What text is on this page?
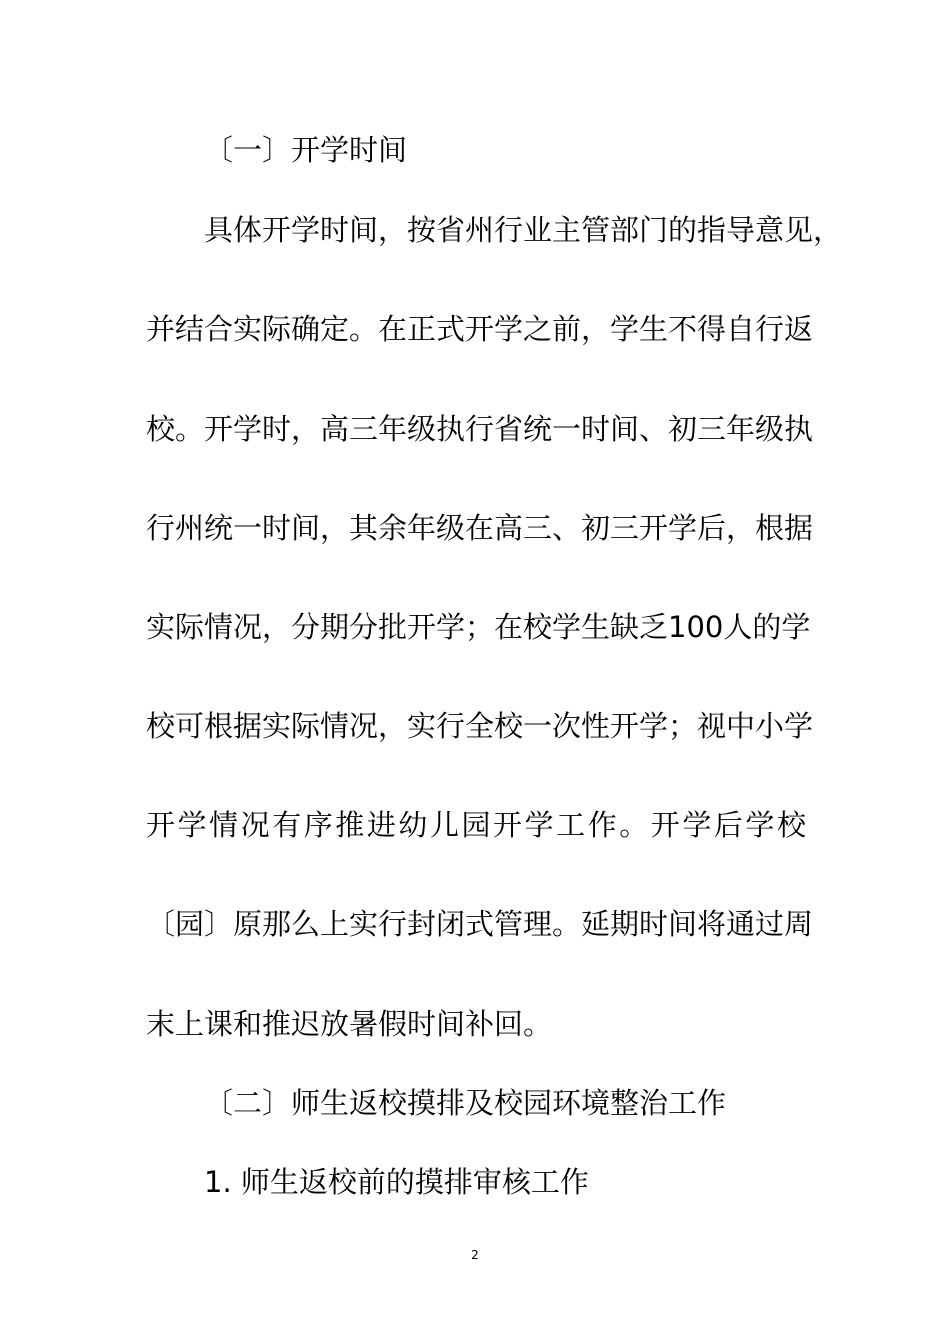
〔一〕开学时间
具体开学时间，按省州行业主管部门的指导意见，
并结合实际确定。在正式开学之前，学生不得自行返
校。开学时，高三年级执行省统一时间、初三年级执
行州统一时间，其余年级在高三、初三开学后，根据
实际情况，分期分批开学；在校学生缺乏100人的学
校可根据实际情况，实行全校一次性开学；视中小学
开学情况有序推进幼儿园开学工作。开学后学校
〔园〕原那么上实行封闭式管理。延期时间将通过周
末上课和推迟放暑假时间补回。
〔二〕师生返校摸排及校园环境整治工作
1. 师生返校前的摸排审核工作
2
